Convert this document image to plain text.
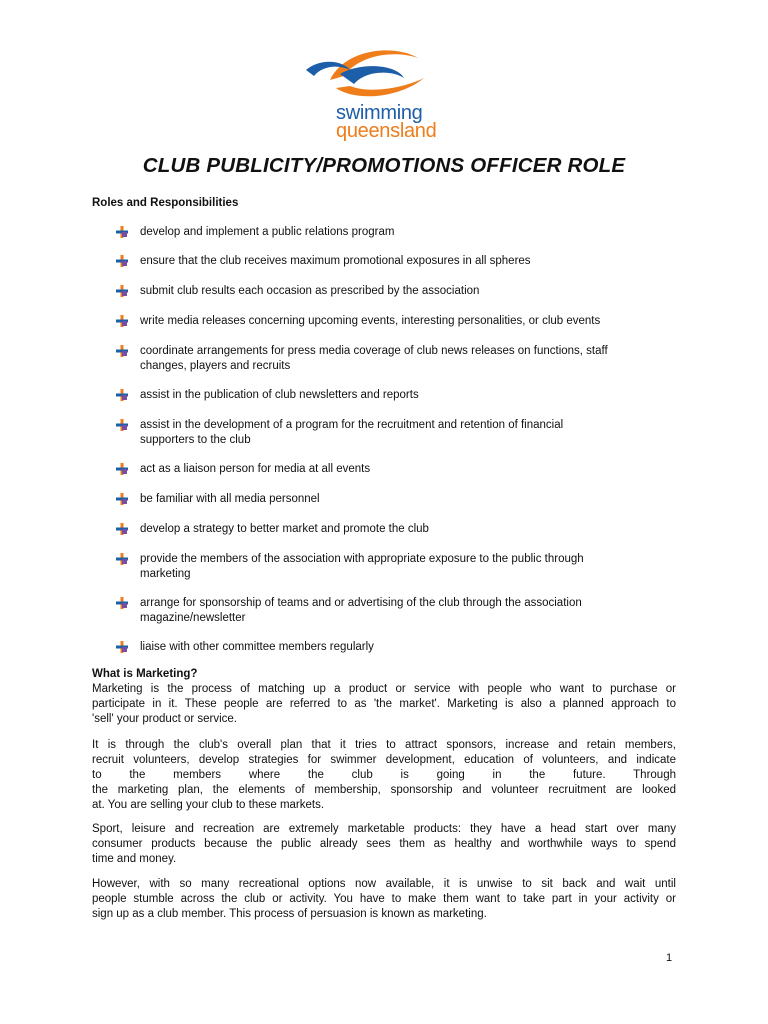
swimming
queensland
CLUB PUBLICITY/PROMOTIONS OFFICER ROLE
Roles and Responsibilities
develop and implement a public relations program
ensure that the club receives maximum promotional exposures in all spheres
submit club results each occasion as prescribed by the association
write media releases concerning upcoming events, interesting personalities, or club events
coordinate arrangements for press media coverage of club news releases on functions, staff
changes, players and recruits
assist in the publication of club newsletters and reports
assist in the development of a program for the recruitment and retention of financial
supporters to the club
act as a liaison person for media at all events
be familiar with all media personnel
develop a strategy to better market and promote the club
provide the members of the association with appropriate exposure to the public through
marketing
arrange for sponsorship of teams and or advertising of the club through the association
magazine/newsletter
liaise with other committee members regularly
What is Marketing?

Marketing is the process of matching up a product or service with people who want to purchase or
participate in it. These people are referred to as 'the market'. Marketing is also a planned approach to
'sell' your product or service.

It is through the club's overall plan that it tries to attract sponsors, increase and retain members,
recruit volunteers, develop strategies for swimmer development, education of volunteers, and indicate
to the members where the club is going in the future. Through
the marketing plan, the elements of membership, sponsorship and volunteer recruitment are looked
at. You are selling your club to these markets.

Sport, leisure and recreation are extremely marketable products: they have a head start over many
consumer products because the public already sees them as healthy and worthwhile ways to spend
time and money.

However, with so many recreational options now available, it is unwise to sit back and wait until
people stumble across the club or activity. You have to make them want to take part in your activity or
sign up as a club member. This process of persuasion is known as marketing.

1
